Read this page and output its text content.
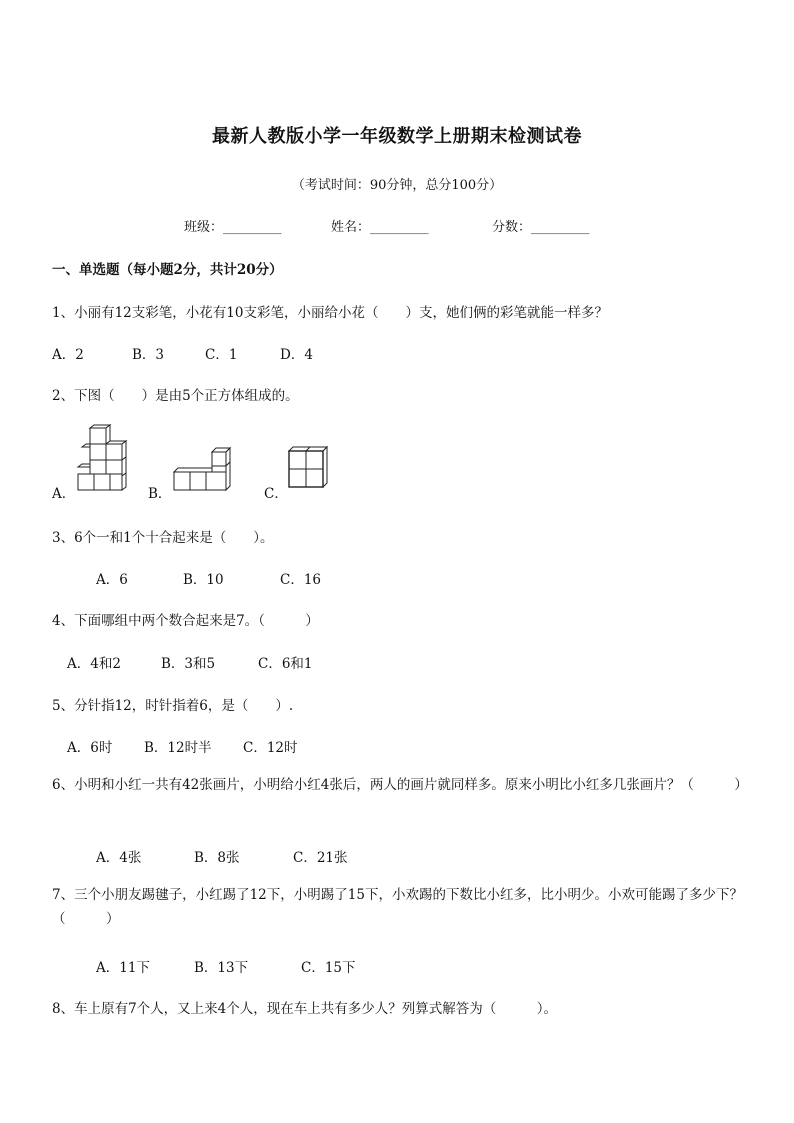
最新人教版小学一年级数学上册期末检测试卷
（考试时间：90分钟，总分100分）
班级：_________	姓名：_________	分数：_________
一、单选题（每小题2分，共计20分）
1、小丽有12支彩笔，小花有10支彩笔，小丽给小花（　　）支，她们俩的彩笔就能一样多？
A．2	B．3	C．1	D．4
2、下图（　　）是由5个正方体组成的。
A．	B．	C．
3、6个一和1个十合起来是（　　）。
A．6	B．10	C．16
4、下面哪组中两个数合起来是7。（　　　）
A．4和2	B．3和5	C．6和1
5、分针指12，时针指着6，是（　　）.
A．6时 B．12时半 C．12时
6、小明和小红一共有42张画片，小明给小红4张后，两人的画片就同样多。原来小明比小红多几张画片？（　　　）
A．4张	B．8张	C．21张
7、三个小朋友踢毽子，小红踢了12下，小明踢了15下，小欢踢的下数比小红多，比小明少。小欢可能踢了多少下？（　　　）
A．11下	B．13下	C．15下
8、车上原有7个人，又上来4个人，现在车上共有多少人？列算式解答为（　　　）。
